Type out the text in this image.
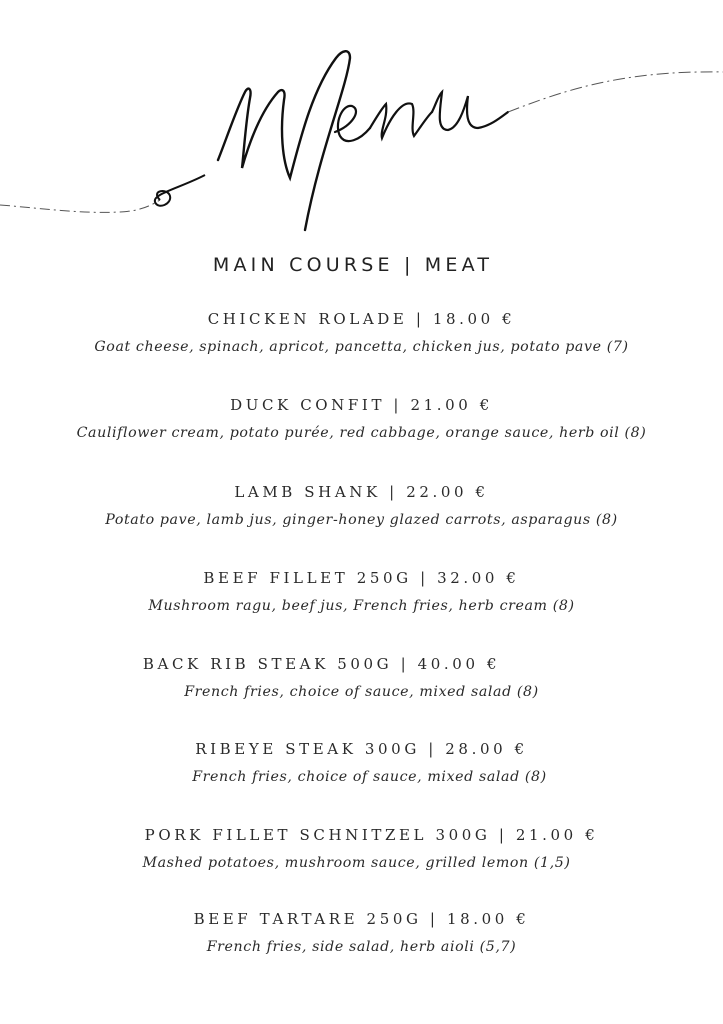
MAIN COURSE | MEAT
CHICKEN ROLADE | 18.00 €
Goat cheese, spinach, apricot, pancetta, chicken jus, potato pave (7)
DUCK CONFIT | 21.00 €
Cauliflower cream, potato purée, red cabbage, orange sauce, herb oil (8)
LAMB SHANK | 22.00 €
Potato pave, lamb jus, ginger-honey glazed carrots, asparagus (8)
BEEF FILLET 250G | 32.00 €
Mushroom ragu, beef jus, French fries, herb cream (8)
BACK RIB STEAK 500G | 40.00 €
French fries, choice of sauce, mixed salad (8)
RIBEYE STEAK 300G | 28.00 €
French fries, choice of sauce, mixed salad (8)
PORK FILLET SCHNITZEL 300G | 21.00 €
Mashed potatoes, mushroom sauce, grilled lemon (1,5)
BEEF TARTARE 250G | 18.00 €
French fries, side salad, herb aioli (5,7)
